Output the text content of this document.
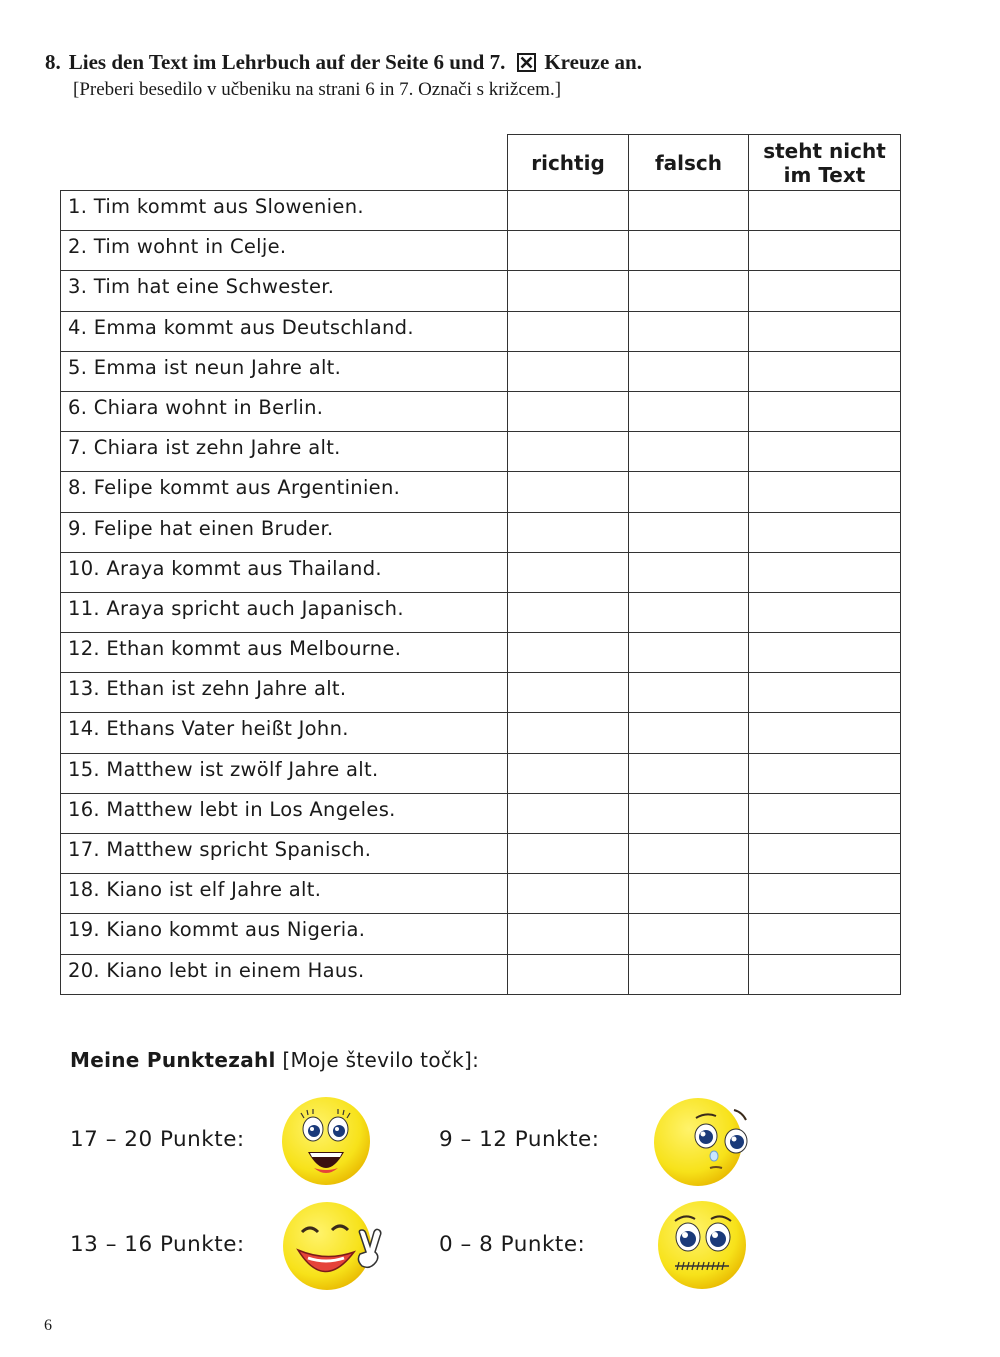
8. Lies den Text im Lehrbuch auf der Seite 6 und 7. Kreuze an.
[Preberi besedilo v učbeniku na strani 6 in 7. Označi s križcem.]
	richtig	falsch	steht nicht
im Text
1. Tim kommt aus Slowenien.			
2. Tim wohnt in Celje.			
3. Tim hat eine Schwester.			
4. Emma kommt aus Deutschland.			
5. Emma ist neun Jahre alt.			
6. Chiara wohnt in Berlin.			
7. Chiara ist zehn Jahre alt.			
8. Felipe kommt aus Argentinien.			
9. Felipe hat einen Bruder.			
10. Araya kommt aus Thailand.			
11. Araya spricht auch Japanisch.			
12. Ethan kommt aus Melbourne.			
13. Ethan ist zehn Jahre alt.			
14. Ethans Vater heißt John.			
15. Matthew ist zwölf Jahre alt.			
16. Matthew lebt in Los Angeles.			
17. Matthew spricht Spanisch.			
18. Kiano ist elf Jahre alt.			
19. Kiano kommt aus Nigeria.			
20. Kiano lebt in einem Haus.			
Meine Punktezahl [Moje število točk]:
17 – 20 Punkte:	9 – 12 Punkte:
13 – 16 Punkte:	0 – 8 Punkte:
6
